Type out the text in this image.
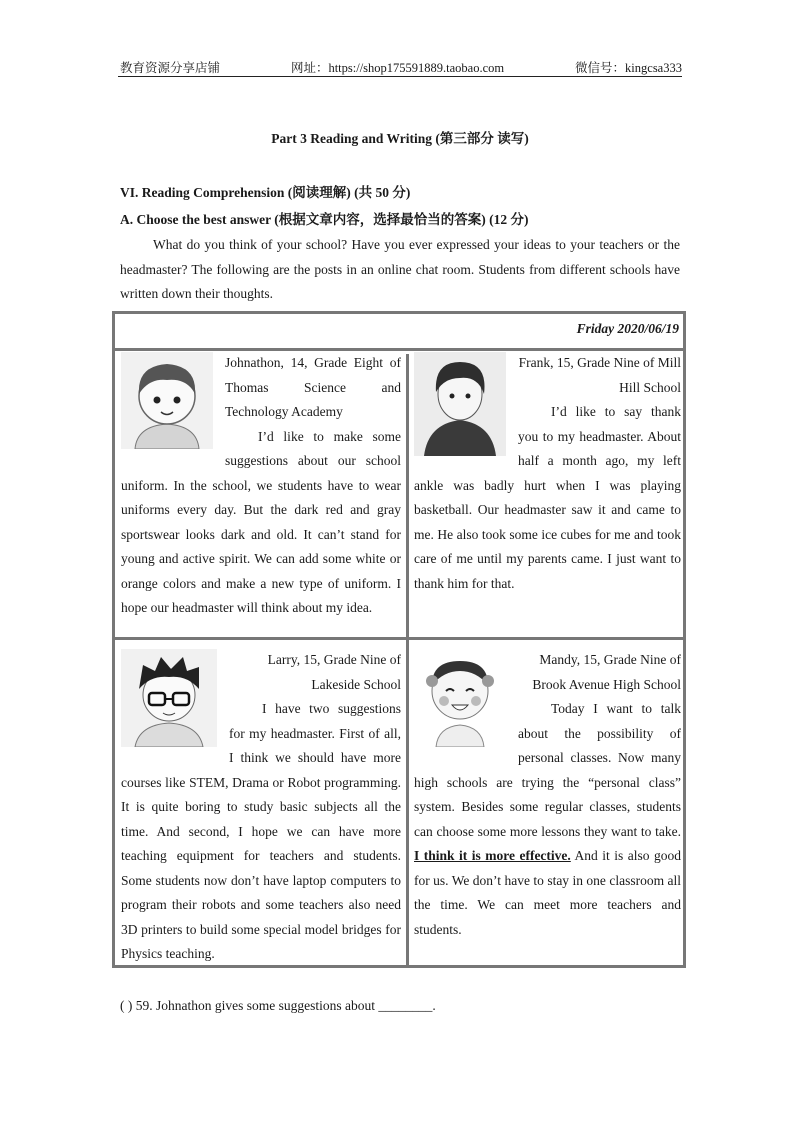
教育资源分享店铺	网址：https://shop175591889.taobao.com	微信号：kingcsa333
Part 3 Reading and Writing (第三部分 读写)
VI. Reading Comprehension (阅读理解) (共 50 分)
A. Choose the best answer (根据文章内容，选择最恰当的答案) (12 分)

What do you think of your school? Have you ever expressed your ideas to your teachers or the headmaster? The following are the posts in an online chat room. Students from different schools have written down their thoughts.

Friday 2020/06/19

Johnathon, 14, Grade Eight of Thomas Science and Technology Academy

I’d like to make some suggestions about our school uniform. In the school, we students have to wear uniforms every day. But the dark red and gray sportswear looks dark and old. It can’t stand for young and active spirit. We can add some white or orange colors and make a new type of uniform. I hope our headmaster will think about my idea.

Frank, 15, Grade Nine of Mill Hill School

I’d like to say thank you to my headmaster. About half a month ago, my left ankle was badly hurt when I was playing basketball. Our headmaster saw it and came to me. He also took some ice cubes for me and took care of me until my parents came. I just want to thank him for that.

Larry, 15, Grade Nine of Lakeside School

I have two suggestions for my headmaster. First of all, I think we should have more courses like STEM, Drama or Robot programming. It is quite boring to study basic subjects all the time. And second, I hope we can have more teaching equipment for teachers and students. Some students now don’t have laptop computers to program their robots and some teachers also need 3D printers to build some special model bridges for Physics teaching.

Mandy, 15, Grade Nine of Brook Avenue High School

Today I want to talk about the possibility of personal classes. Now many high schools are trying the “personal class” system. Besides some regular classes, students can choose some more lessons they want to take. I think it is more effective. And it is also good for us. We don’t have to stay in one classroom all the time. We can meet more teachers and students.

( ) 59. Johnathon gives some suggestions about ________.
